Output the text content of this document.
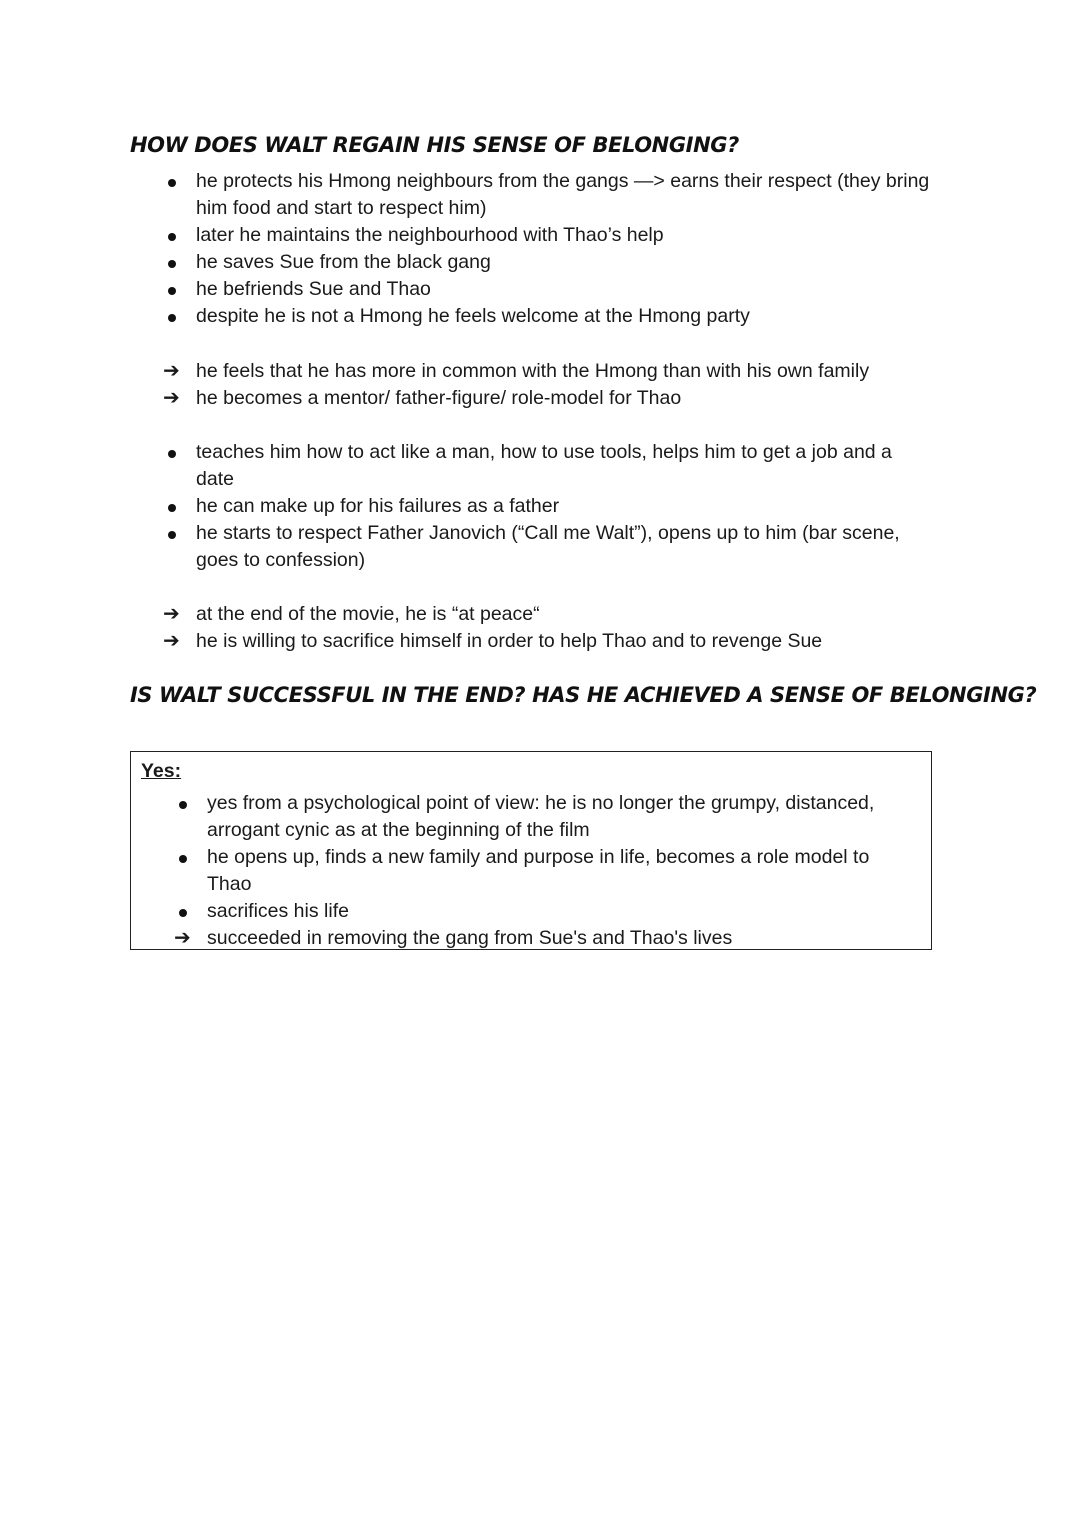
HOW DOES WALT REGAIN HIS SENSE OF BELONGING?
he protects his Hmong neighbours from the gangs —> earns their respect (they bring him food and start to respect him)
later he maintains the neighbourhood with Thao’s help
he saves Sue from the black gang
he befriends Sue and Thao
despite he is not a Hmong he feels welcome at the Hmong party
➔ he feels that he has more in common with the Hmong than with his own family
➔ he becomes a mentor/ father-figure/ role-model for Thao
teaches him how to act like a man, how to use tools, helps him to get a job and a date
he can make up for his failures as a father
he starts to respect Father Janovich (“Call me Walt”), opens up to him (bar scene, goes to confession)
➔ at the end of the movie, he is “at peace“
➔ he is willing to sacrifice himself in order to help Thao and to revenge Sue
IS WALT SUCCESSFUL IN THE END? HAS HE ACHIEVED A SENSE OF BELONGING?
Yes:
yes from a psychological point of view: he is no longer the grumpy, distanced, arrogant cynic as at the beginning of the film
he opens up, finds a new family and purpose in life, becomes a role model to Thao
sacrifices his life
➔ succeeded in removing the gang from Sue's and Thao's lives
